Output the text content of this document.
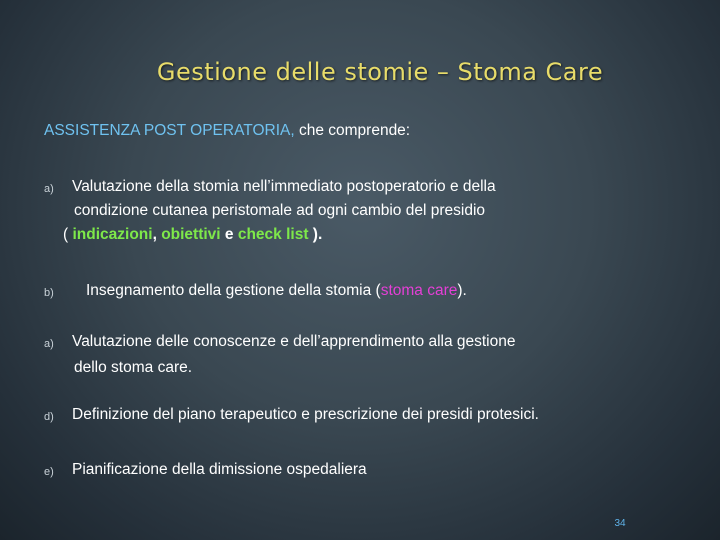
Gestione delle stomie – Stoma Care
ASSISTENZA POST OPERATORIA, che comprende:
a) Valutazione della stomia nell’immediato postoperatorio e della
condizione cutanea peristomale ad ogni cambio del presidio
( indicazioni, obiettivi e check list ).
b) Insegnamento della gestione della stomia (stoma care).
a) Valutazione delle conoscenze e dell’apprendimento alla gestione
dello stoma care.
d) Definizione del piano terapeutico e prescrizione dei presidi protesici.
e) Pianificazione della dimissione ospedaliera
34
